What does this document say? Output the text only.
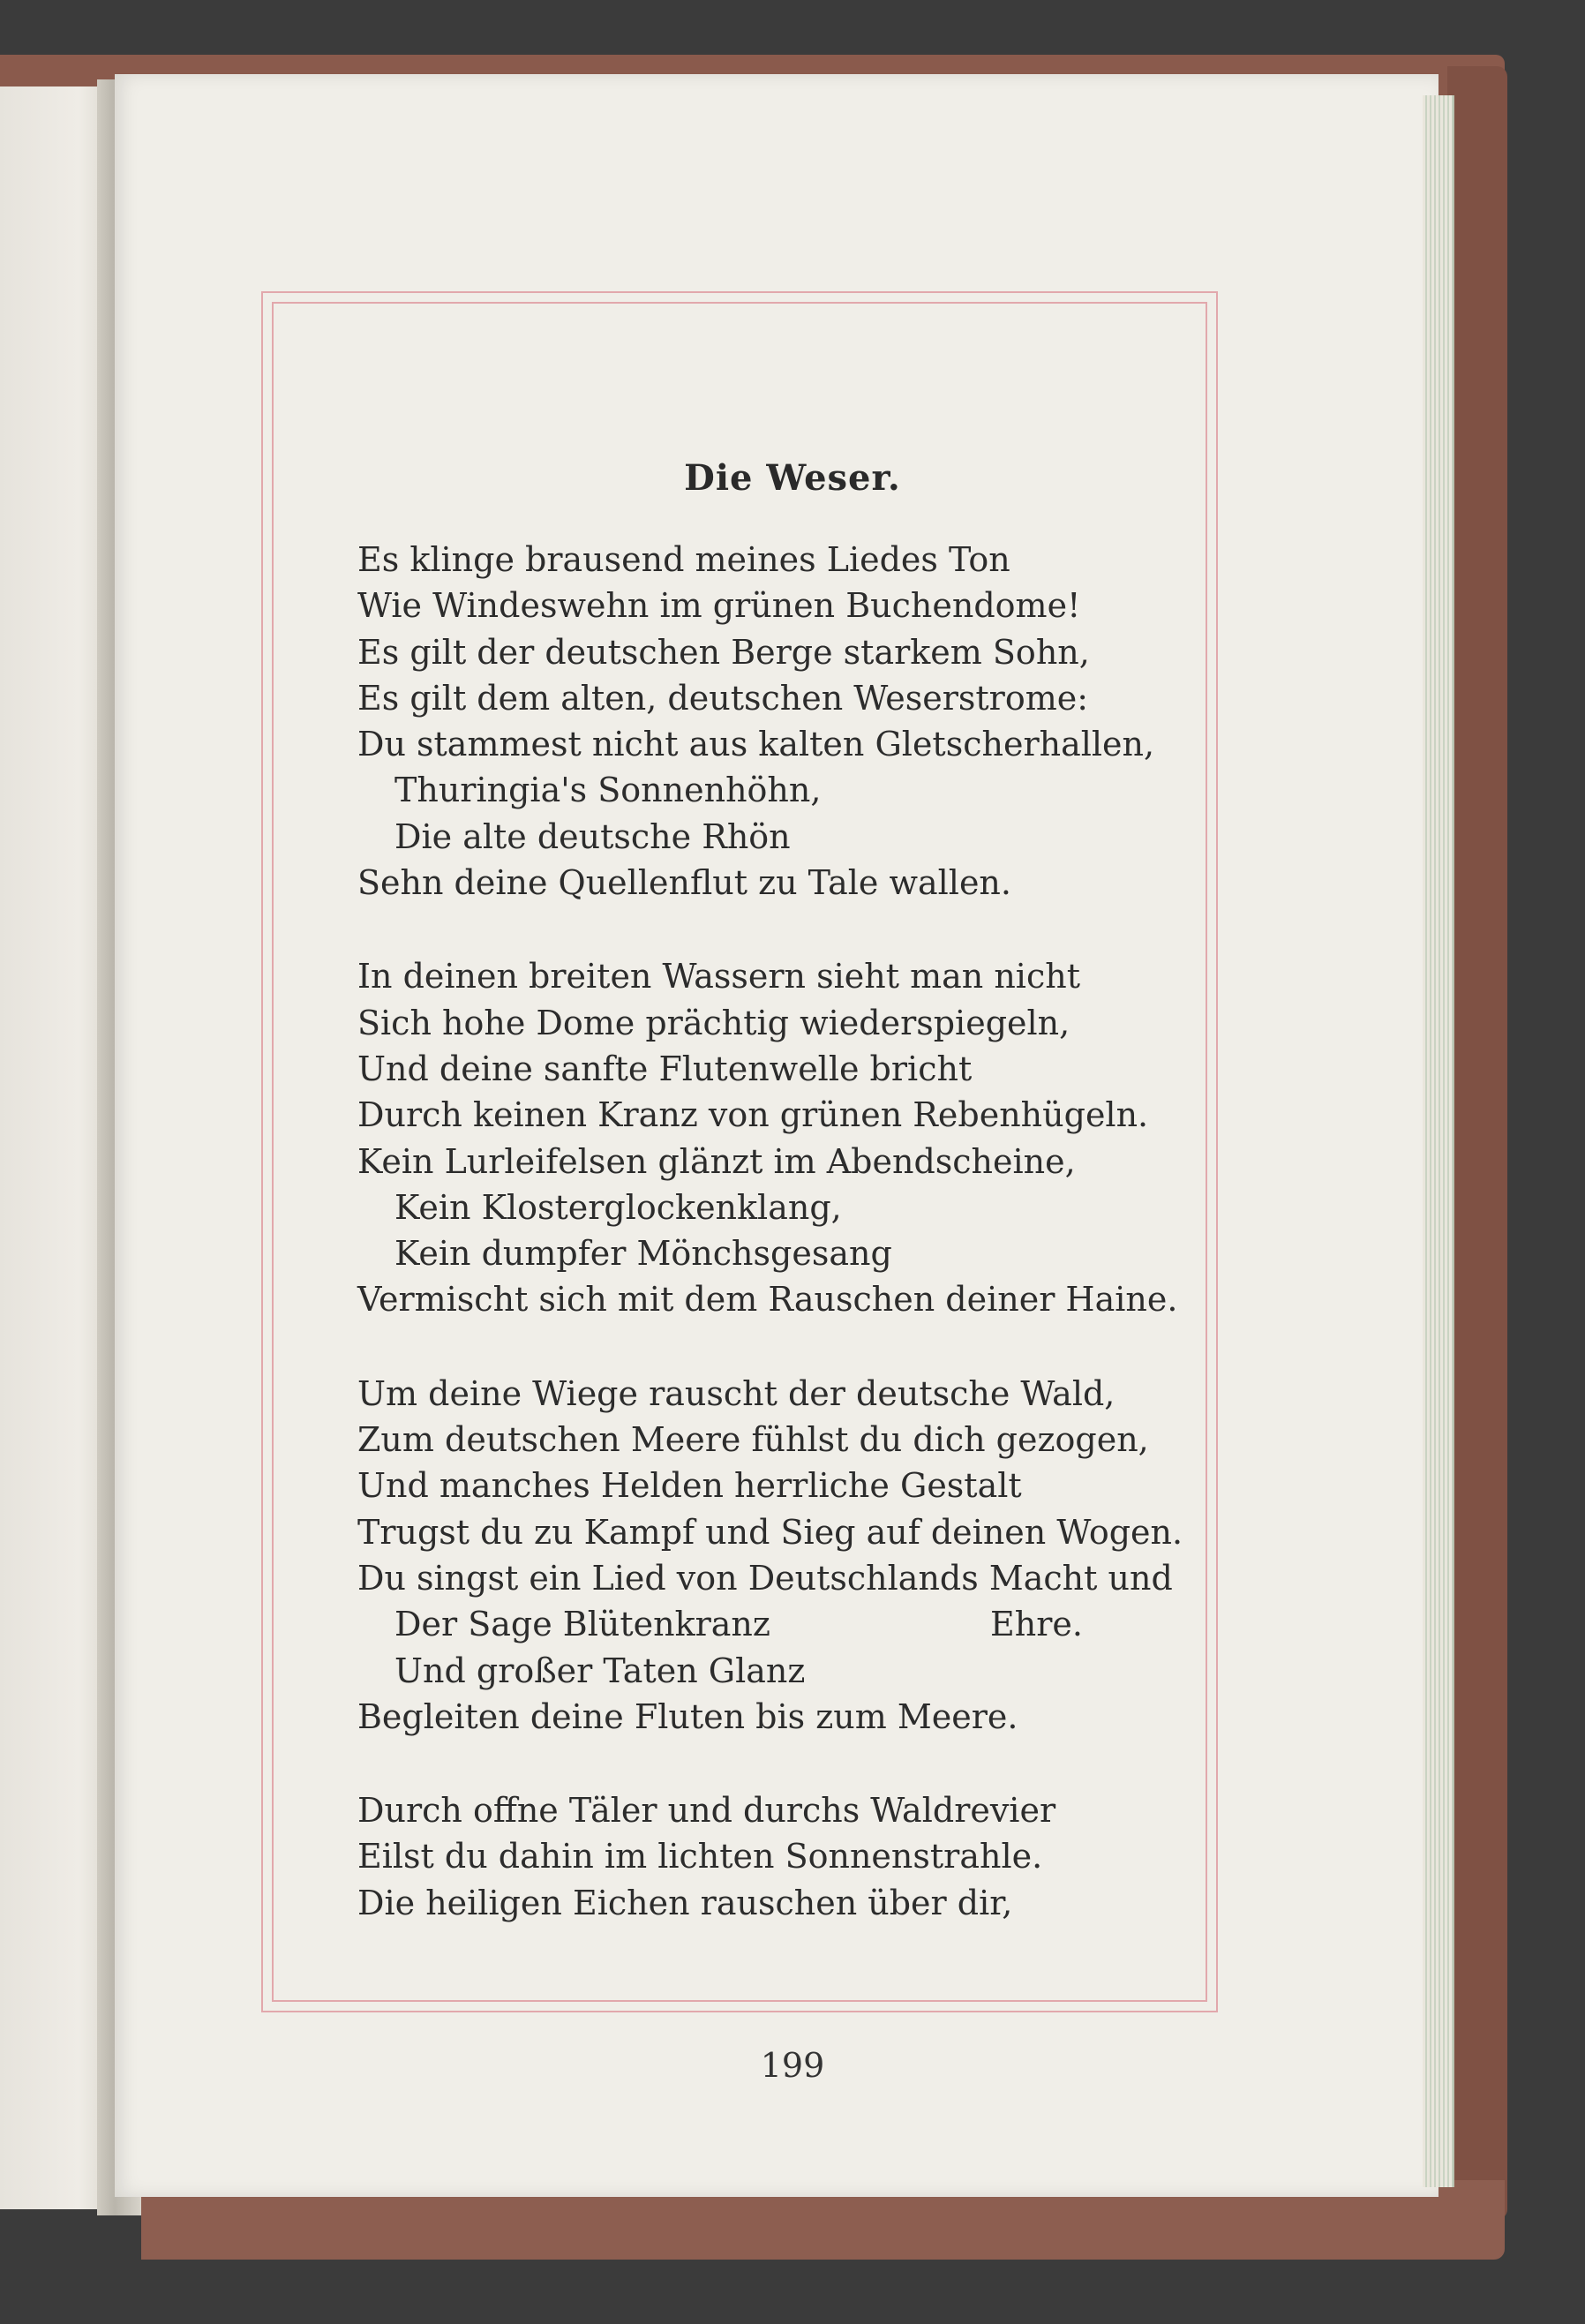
Die Weser.
Es klinge brausend meines Liedes Ton
Wie Windeswehn im grünen Buchendome!
Es gilt der deutschen Berge starkem Sohn,
Es gilt dem alten, deutschen Weserstrome:
Du stammest nicht aus kalten Gletscherhallen,
Thuringia's Sonnenhöhn,
Die alte deutsche Rhön
Sehn deine Quellenflut zu Tale wallen.
In deinen breiten Wassern sieht man nicht
Sich hohe Dome prächtig wiederspiegeln,
Und deine sanfte Flutenwelle bricht
Durch keinen Kranz von grünen Rebenhügeln.
Kein Lurleifelsen glänzt im Abendscheine,
Kein Klosterglockenklang,
Kein dumpfer Mönchsgesang
Vermischt sich mit dem Rauschen deiner Haine.
Um deine Wiege rauscht der deutsche Wald,
Zum deutschen Meere fühlst du dich gezogen,
Und manches Helden herrliche Gestalt
Trugst du zu Kampf und Sieg auf deinen Wogen.
Du singst ein Lied von Deutschlands Macht und
Der Sage Blütenkranz	Ehre.
Und großer Taten Glanz
Begleiten deine Fluten bis zum Meere.
Durch offne Täler und durchs Waldrevier
Eilst du dahin im lichten Sonnenstrahle.
Die heiligen Eichen rauschen über dir,
199
